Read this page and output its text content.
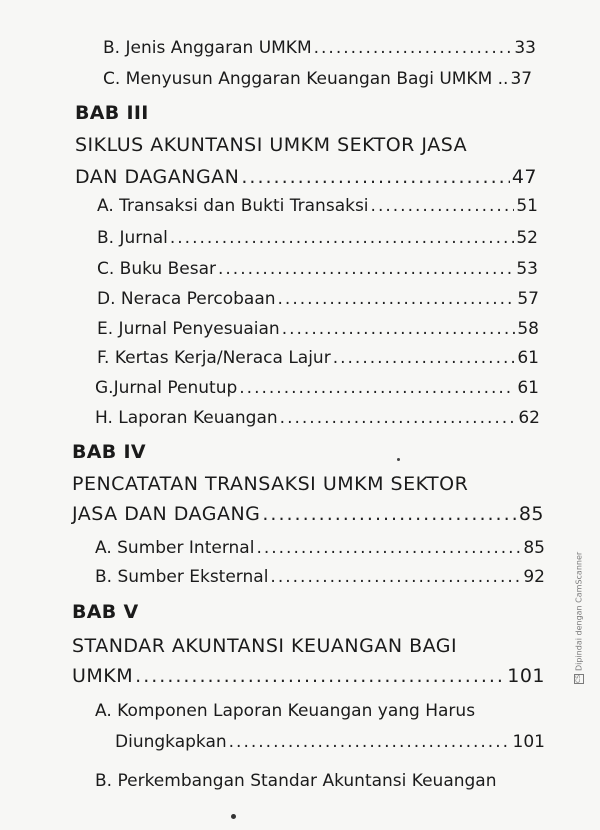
B. Jenis Anggaran UMKM .....	33
C. Menyusun Anggaran Keuangan Bagi UMKM .. 37
BAB III
SIKLUS AKUNTANSI UMKM SEKTOR JASA
DAN DAGANGAN .....	47
A. Transaksi dan Bukti Transaksi .....	51
B. Jurnal .....	52
C. Buku Besar .....	53
D. Neraca Percobaan .....	57
E. Jurnal Penyesuaian .....	58
F. Kertas Kerja/Neraca Lajur .....	61
G.Jurnal Penutup .....	61
H. Laporan Keuangan .....	62
BAB IV
PENCATATAN TRANSAKSI UMKM SEKTOR
JASA DAN DAGANG .....	85
A. Sumber Internal .....	85
B. Sumber Eksternal .....	92
BAB V
STANDAR AKUNTANSI KEUANGAN BAGI
UMKM .....	101
A. Komponen Laporan Keuangan yang Harus
Diungkapkan .....	101
B. Perkembangan Standar Akuntansi Keuangan
CSDipindai dengan CamScanner
